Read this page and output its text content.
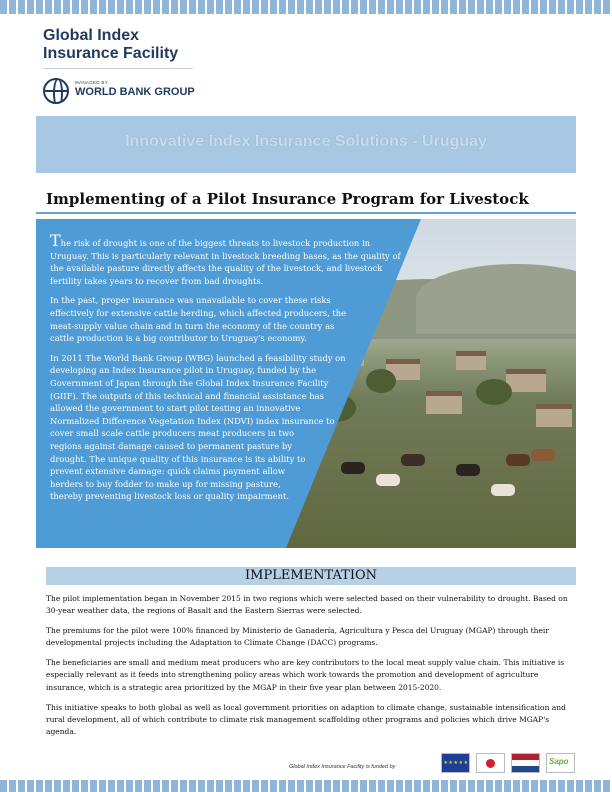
Global Index
Insurance Facility
MANAGED BY
WORLD BANK GROUP
Innovative Index Insurance Solutions - Uruguay
Implementing of a Pilot Insurance Program for Livestock

The risk of drought is one of the biggest threats to livestock production in Uruguay. This is particularly relevant in livestock breeding bases, as the quality of the available pasture directly affects the quality of the livestock, and livestock fertility takes years to recover from bad droughts.

In the past, proper insurance was unavailable to cover these risks effectively for extensive cattle herding, which affected producers, the meat-supply value chain and in turn the economy of the country as cattle production is a big contributor to Uruguay's economy.

In 2011 The World Bank Group (WBG) launched a feasibility study on developing an Index Insurance pilot in Uruguay, funded by the Government of Japan through the Global Index Insurance Facility (GIIF). The outputs of this technical and financial assistance has allowed the government to start pilot testing an innovative Normalized Difference Vegetation Index (NDVI) index insurance to

cover small scale cattle producers meat producers in two regions against damage caused to permanent pasture by drought. The unique quality of this insurance is its ability to prevent extensive damage: quick claims payment allow herders to buy fodder to make up for missing pasture, thereby preventing livestock loss or quality impairment.

IMPLEMENTATION

The pilot implementation began in November 2015 in two regions which were selected based on their vulnerability to drought. Based on 30-year weather data, the regions of Basalt and the Eastern Sierras were selected.

The premiums for the pilot were 100% financed by Ministerio de Ganadería, Agricultura y Pesca del Uruguay (MGAP) through their developmental projects including the Adaptation to Climate Change (DACC) programs.

The beneficiaries are small and medium meat producers who are key contributors to the local meat supply value chain. This initiative is especially relevant as it feeds into strengthening policy areas which work towards the promotion and development of agriculture insurance, which is a strategic area prioritized by the MGAP in their five year plan between 2015-2020.

This initiative speaks to both global as well as local government priorities on adaption to climate change, sustainable intensification and rural development, all of which contribute to climate risk management scaffolding other programs and policies which drive MGAP's agenda.

Global Index Insurance Facility is funded by
★ ★ ★ ★ ★	Sapo
